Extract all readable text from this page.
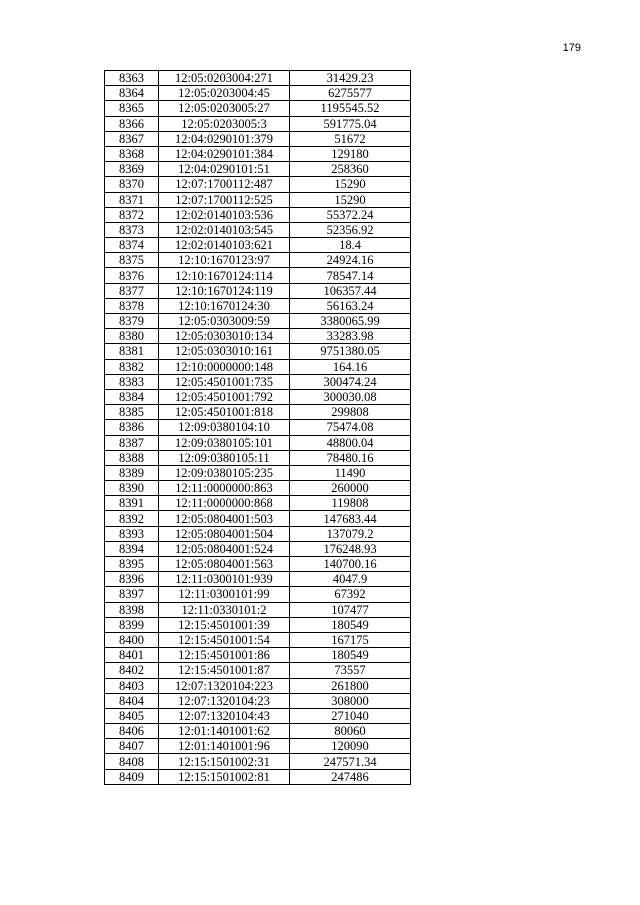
179
8363	12:05:0203004:271	31429.23
8364	12:05:0203004:45	6275577
8365	12:05:0203005:27	1195545.52
8366	12:05:0203005:3	591775.04
8367	12:04:0290101:379	51672
8368	12:04:0290101:384	129180
8369	12:04:0290101:51	258360
8370	12:07:1700112:487	15290
8371	12:07:1700112:525	15290
8372	12:02:0140103:536	55372.24
8373	12:02:0140103:545	52356.92
8374	12:02:0140103:621	18.4
8375	12:10:1670123:97	24924.16
8376	12:10:1670124:114	78547.14
8377	12:10:1670124:119	106357.44
8378	12:10:1670124:30	56163.24
8379	12:05:0303009:59	3380065.99
8380	12:05:0303010:134	33283.98
8381	12:05:0303010:161	9751380.05
8382	12:10:0000000:148	164.16
8383	12:05:4501001:735	300474.24
8384	12:05:4501001:792	300030.08
8385	12:05:4501001:818	299808
8386	12:09:0380104:10	75474.08
8387	12:09:0380105:101	48800.04
8388	12:09:0380105:11	78480.16
8389	12:09:0380105:235	11490
8390	12:11:0000000:863	260000
8391	12:11:0000000:868	119808
8392	12:05:0804001:503	147683.44
8393	12:05:0804001:504	137079.2
8394	12:05:0804001:524	176248.93
8395	12:05:0804001:563	140700.16
8396	12:11:0300101:939	4047.9
8397	12:11:0300101:99	67392
8398	12:11:0330101:2	107477
8399	12:15:4501001:39	180549
8400	12:15:4501001:54	167175
8401	12:15:4501001:86	180549
8402	12:15:4501001:87	73557
8403	12:07:1320104:223	261800
8404	12:07:1320104:23	308000
8405	12:07:1320104:43	271040
8406	12:01:1401001:62	80060
8407	12:01:1401001:96	120090
8408	12:15:1501002:31	247571.34
8409	12:15:1501002:81	247486
